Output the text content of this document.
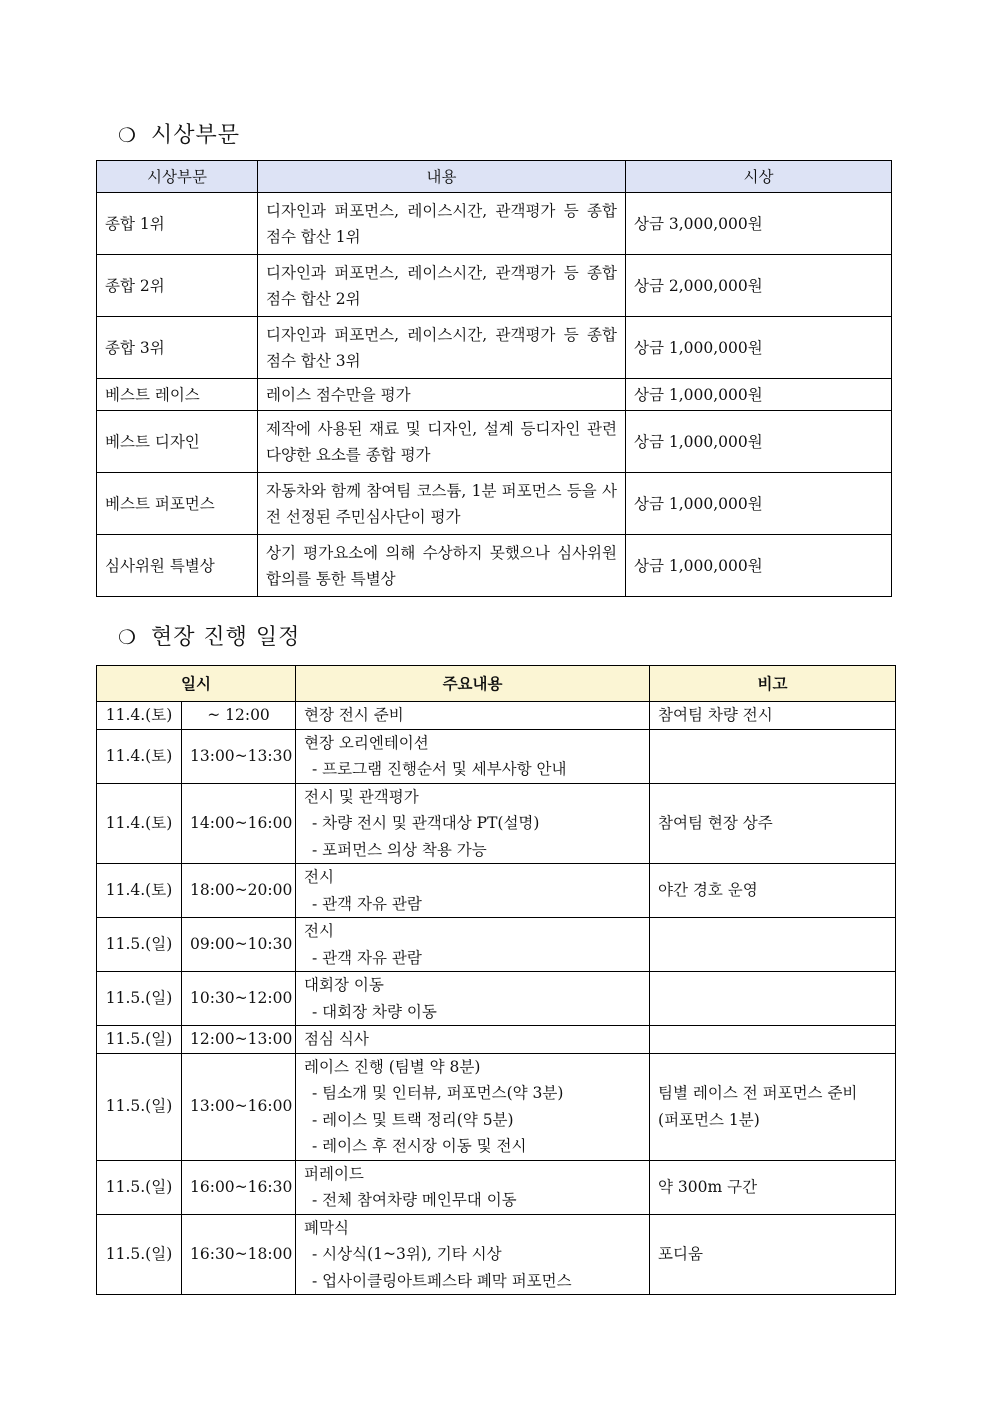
❍ 시상부문
시상부문	내용	시상
종합 1위	디자인과 퍼포먼스, 레이스시간, 관객평가 등 종합 점수 합산 1위	상금 3,000,000원
종합 2위	디자인과 퍼포먼스, 레이스시간, 관객평가 등 종합 점수 합산 2위	상금 2,000,000원
종합 3위	디자인과 퍼포먼스, 레이스시간, 관객평가 등 종합 점수 합산 3위	상금 1,000,000원
베스트 레이스	레이스 점수만을 평가	상금 1,000,000원
베스트 디자인	제작에 사용된 재료 및 디자인, 설계 등디자인 관련 다양한 요소를 종합 평가	상금 1,000,000원
베스트 퍼포먼스	자동차와 함께 참여팀 코스튬, 1분 퍼포먼스 등을 사전 선정된 주민심사단이 평가	상금 1,000,000원
심사위원 특별상	상기 평가요소에 의해 수상하지 못했으나 심사위원 합의를 통한 특별상	상금 1,000,000원
❍ 현장 진행 일정
일시		주요내용	비고
11.4.(토)	~ 12:00	현장 전시 준비	참여팀 차량 전시

11.4.(토)	13:00~13:30	현장 오리엔테이션
- 프로그램 진행순서 및 세부사항 안내	

11.4.(토)	14:00~16:00	전시 및 관객평가
- 차량 전시 및 관객대상 PT(설명)
- 포퍼먼스 의상 착용 가능	참여팀 현장 상주

11.4.(토)	18:00~20:00	전시
- 관객 자유 관람	야간 경호 운영

11.5.(일)	09:00~10:30	전시
- 관객 자유 관람	

11.5.(일)	10:30~12:00	대회장 이동
- 대회장 차량 이동	

11.5.(일)	12:00~13:00	점심 식사	

11.5.(일)	13:00~16:00	레이스 진행 (팀별 약 8분)
- 팀소개 및 인터뷰, 퍼포먼스(약 3분)
- 레이스 및 트랙 정리(약 5분)
- 레이스 후 전시장 이동 및 전시	팀별 레이스 전 퍼포먼스 준비
(퍼포먼스 1분)

11.5.(일)	16:00~16:30	퍼레이드
- 전체 참여차량 메인무대 이동	약 300m 구간

11.5.(일)	16:30~18:00	폐막식
- 시상식(1~3위), 기타 시상
- 업사이클링아트페스타 폐막 퍼포먼스	포디움
